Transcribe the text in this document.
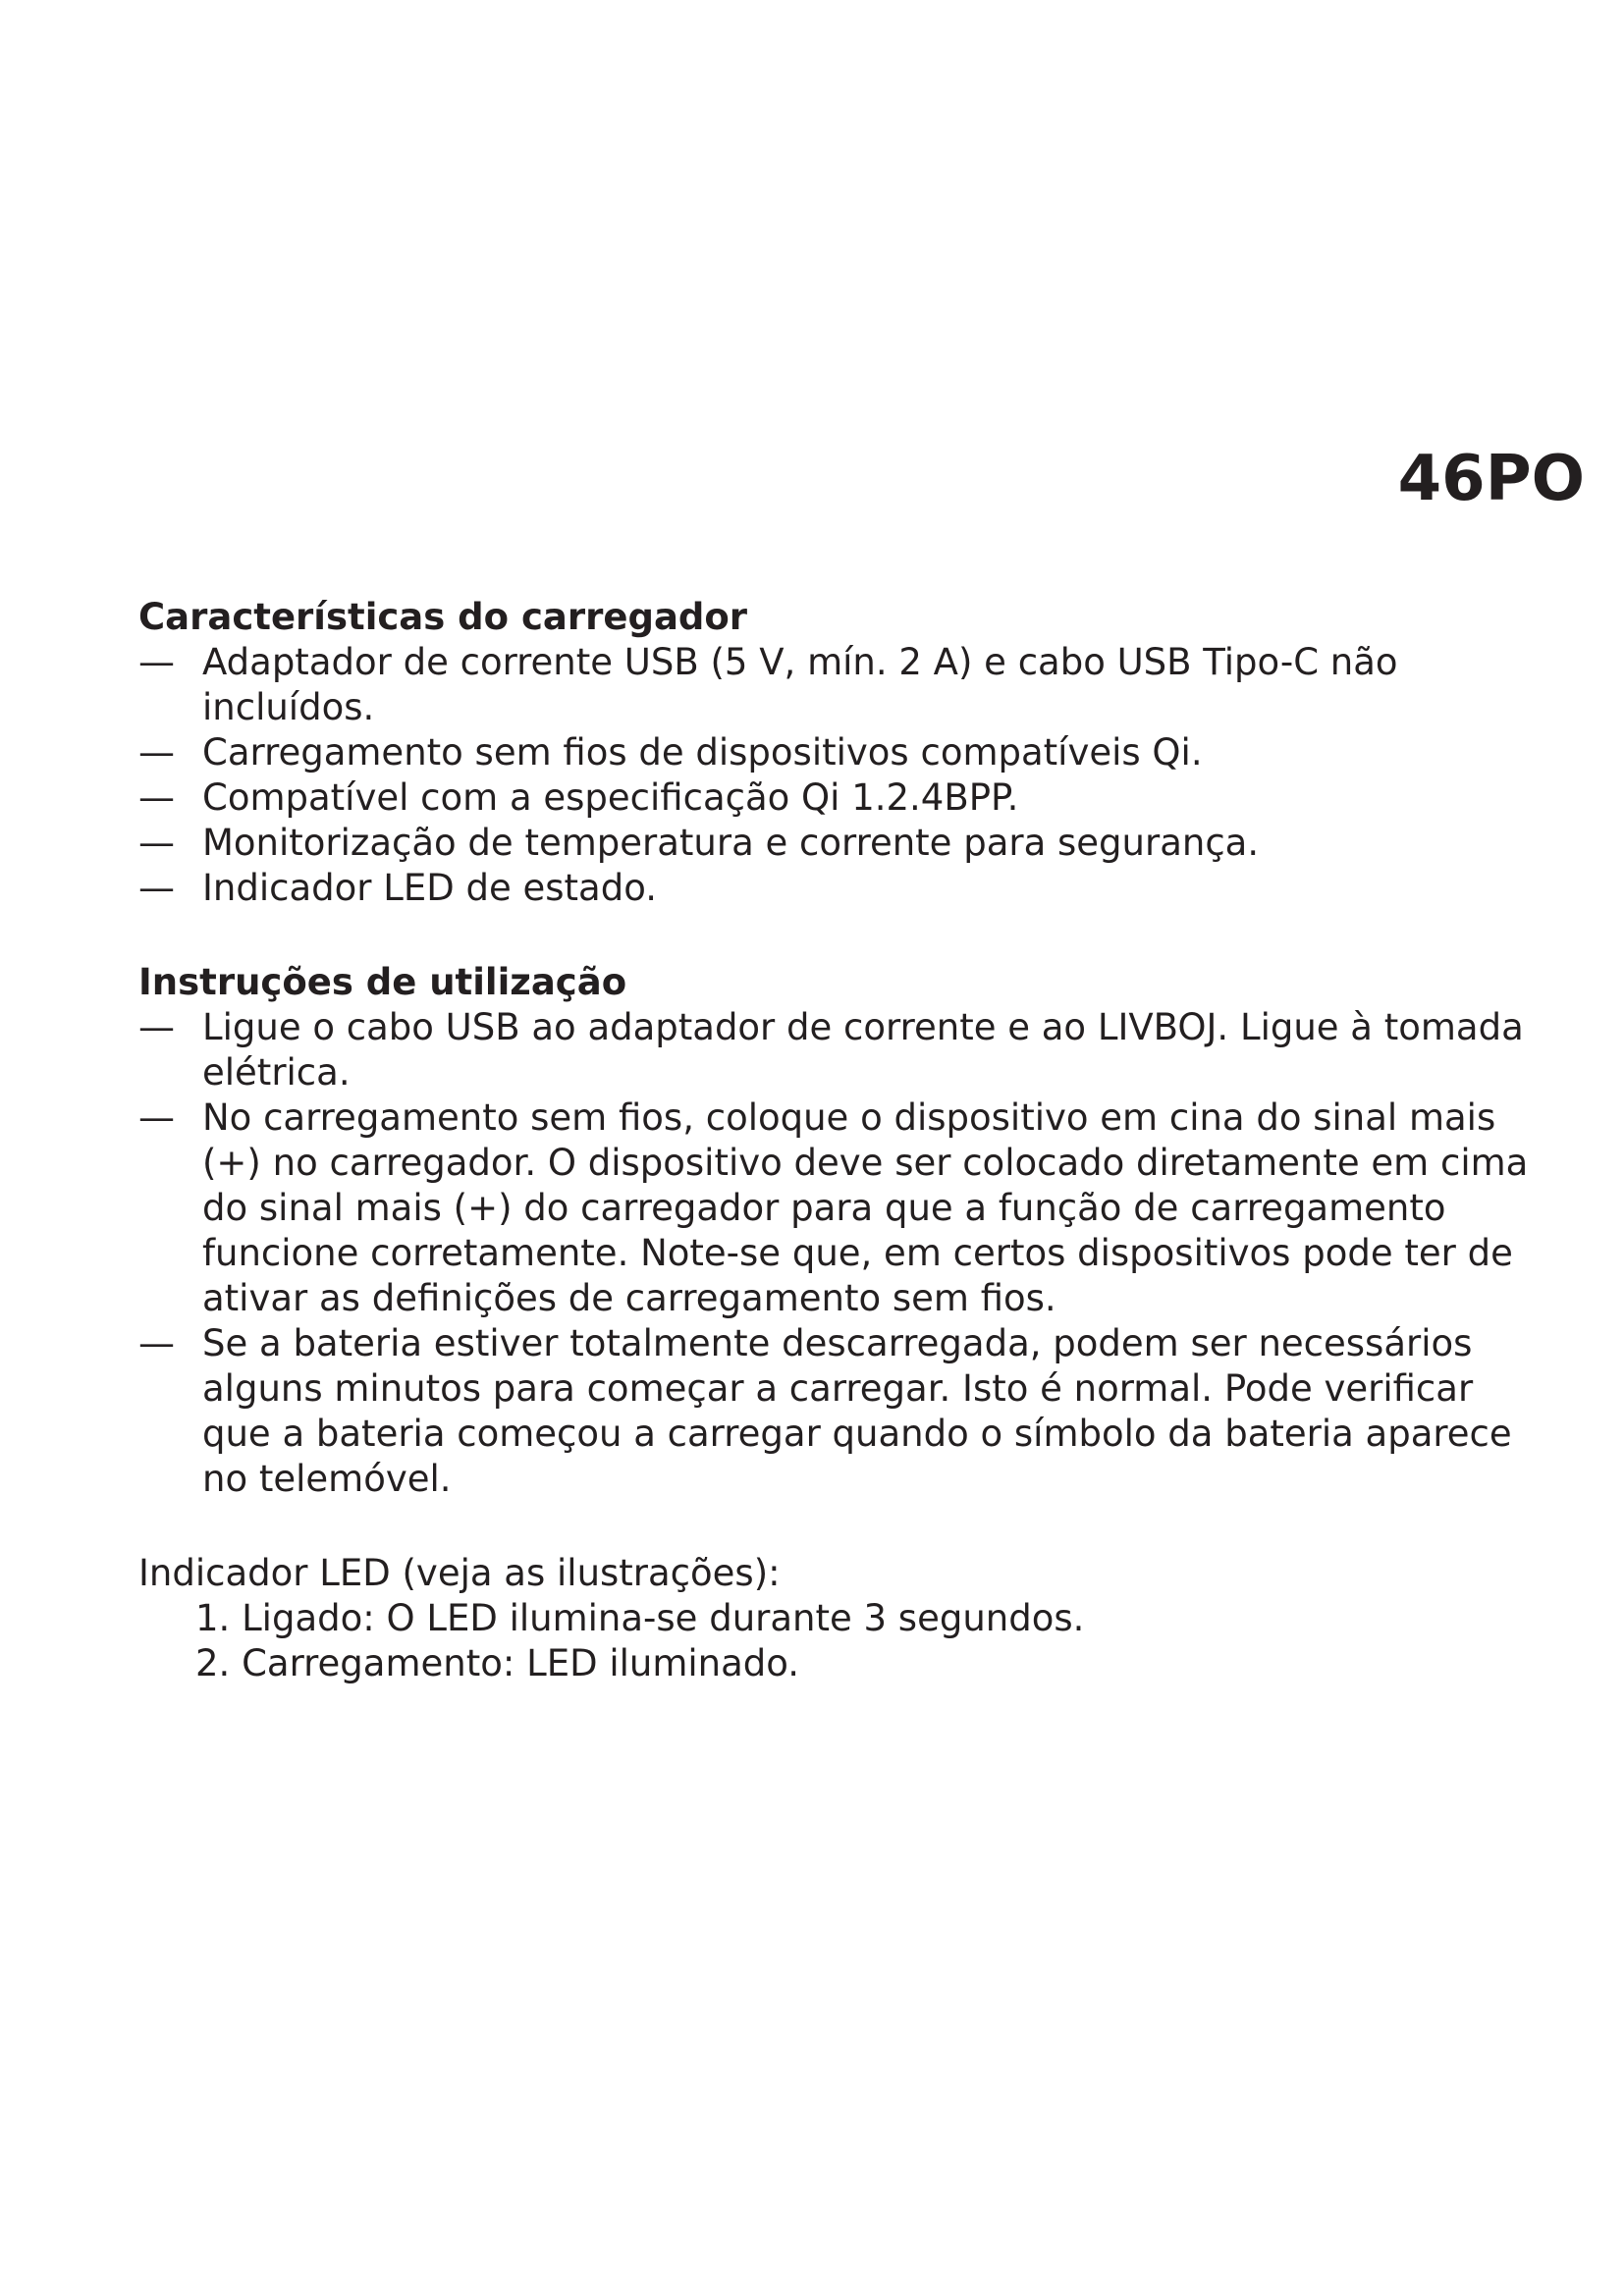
46PO
Características do carregador
— Adaptador de corrente USB (5 V, mín. 2 A) e cabo USB Tipo-C não incluídos.
— Carregamento sem fios de dispositivos compatíveis Qi.
— Compatível com a especificação Qi 1.2.4BPP.
— Monitorização de temperatura e corrente para segurança.
— Indicador LED de estado.
Instruções de utilização
— Ligue o cabo USB ao adaptador de corrente e ao LIVBOJ. Ligue à tomada elétrica.
— No carregamento sem fios, coloque o dispositivo em cina do sinal mais (+) no carregador. O dispositivo deve ser colocado diretamente em cima do sinal mais (+) do carregador para que a função de carregamento funcione corretamente. Note-se que, em certos dispositivos pode ter de ativar as definições de carregamento sem fios.
— Se a bateria estiver totalmente descarregada, podem ser necessários alguns minutos para começar a carregar. Isto é normal. Pode verificar que a bateria começou a carregar quando o símbolo da bateria aparece no telemóvel.

Indicador LED (veja as ilustrações):

1. Ligado: O LED ilumina-se durante 3 segundos.
2. Carregamento: LED iluminado.
